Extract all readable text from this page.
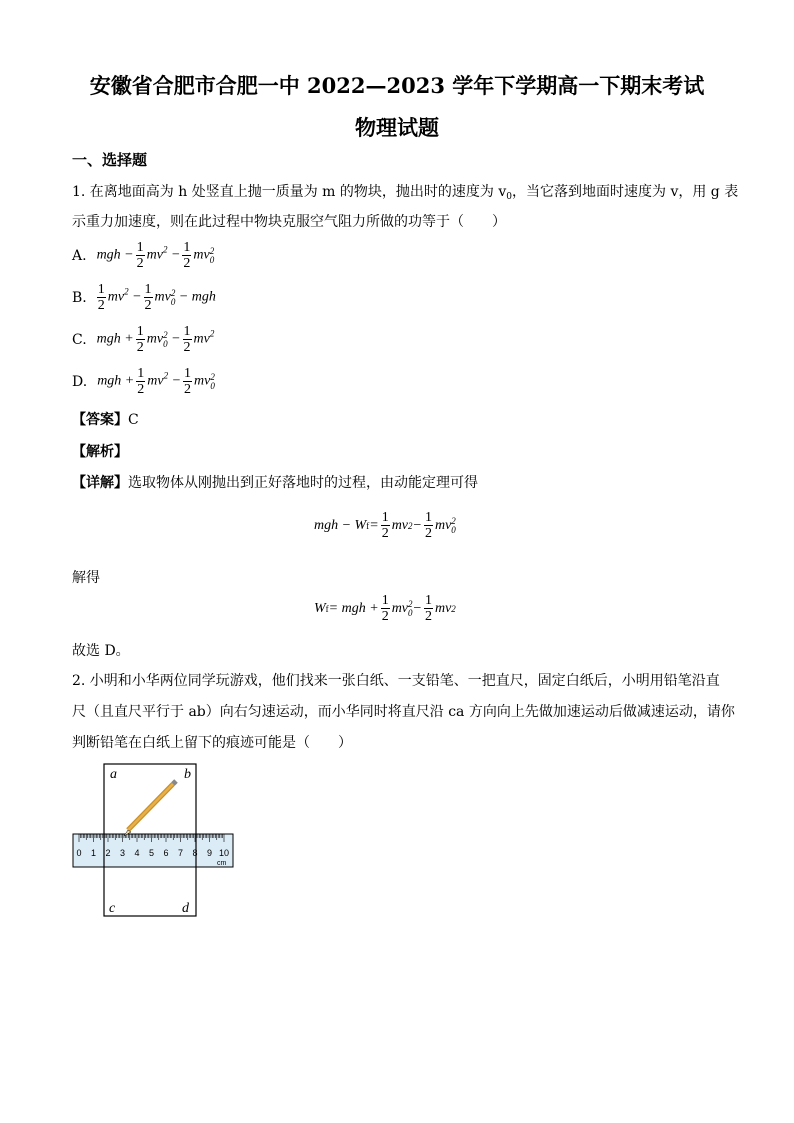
安徽省合肥市合肥一中 2022—2023 学年下学期高一下期末考试
物理试题
一、选择题
1. 在离地面高为 h 处竖直上抛一质量为 m 的物块，抛出时的速度为 $v_0$，当它落到地面时速度为 v，用 g 表
示重力加速度，则在此过程中物块克服空气阻力所做的功等于（　　）
A. mgh − $\frac{1}{2} mv^2 - \frac{1}{2}$ mv 2
0
B. $\frac{1}{2} mv^2 - \frac{1}{2}$ mv 2
0 − mgh
C. mgh + $\frac{1}{2}$ mv 2
$0 - \frac{1}{2} mv^2$
D. mgh + $\frac{1}{2} mv^2 - \frac{1}{2}$ mv 2
0
【答案】C
【解析】
【详解】选取物体从刚抛出到正好落地时的过程，由动能定理可得
mgh − W $f = \frac{1}{2}$ mv $2 - \frac{1}{2}$ mv 2
0
解得
W f = mgh + $\frac{1}{2}$ mv 2
$0 - \frac{1}{2}$ mv 2
故选 D。
2. 小明和小华两位同学玩游戏，他们找来一张白纸、一支铅笔、一把直尺，固定白纸后，小明用铅笔沿直
尺（且直尺平行于 ab）向右匀速运动，而小华同时将直尺沿 ca 方向向上先做加速运动后做减速运动，请你
判断铅笔在白纸上留下的痕迹可能是（　　）
a	b
c	d
0 1 2 3 4 5 6 7 8 9 10
cm
